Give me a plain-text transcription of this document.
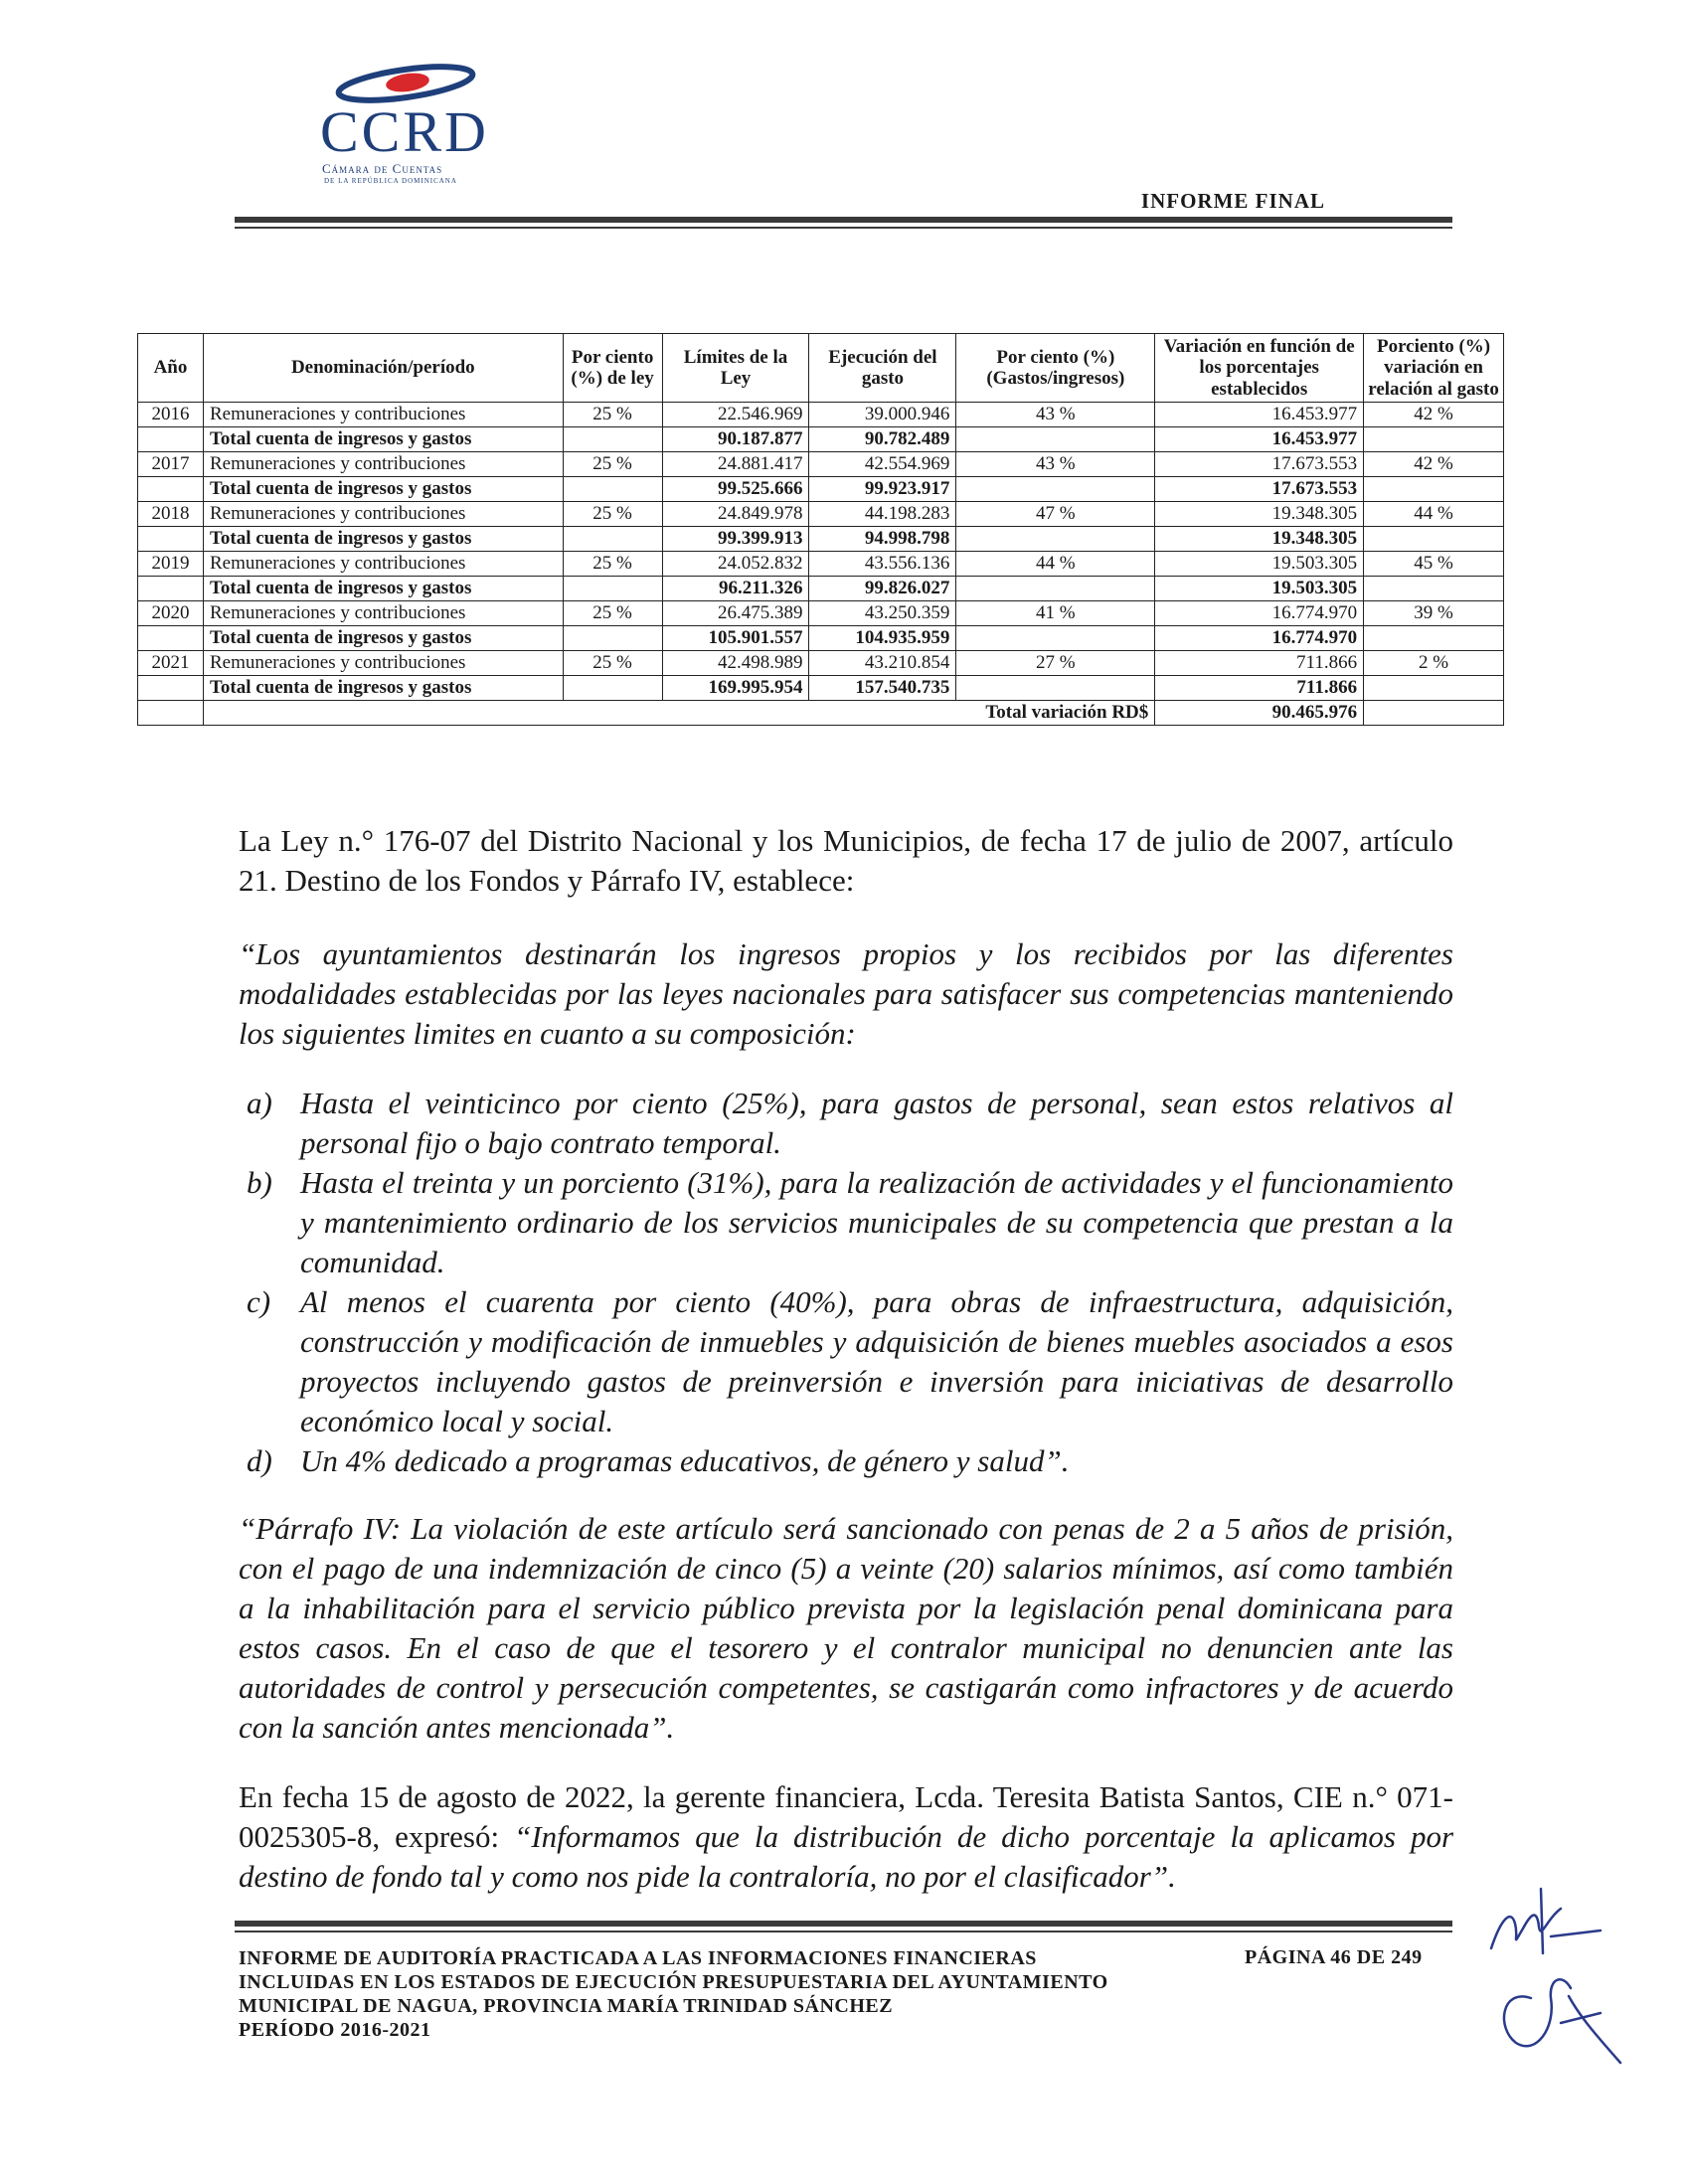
CCRD
Cámara de Cuentas
DE LA REPÚBLICA DOMINICANA
INFORME FINAL
Año	Denominación/período	Por ciento (%) de ley	Límites de la Ley	Ejecución del gasto	Por ciento (%) (Gastos/ingresos)	Variación en función de los porcentajes establecidos	Porciento (%) variación en relación al gasto
2016	Remuneraciones y contribuciones	25 %	22.546.969	39.000.946	43 %	16.453.977	42 %
	Total cuenta de ingresos y gastos		90.187.877	90.782.489		16.453.977	
2017	Remuneraciones y contribuciones	25 %	24.881.417	42.554.969	43 %	17.673.553	42 %
	Total cuenta de ingresos y gastos		99.525.666	99.923.917		17.673.553	
2018	Remuneraciones y contribuciones	25 %	24.849.978	44.198.283	47 %	19.348.305	44 %
	Total cuenta de ingresos y gastos		99.399.913	94.998.798		19.348.305	
2019	Remuneraciones y contribuciones	25 %	24.052.832	43.556.136	44 %	19.503.305	45 %
	Total cuenta de ingresos y gastos		96.211.326	99.826.027		19.503.305	
2020	Remuneraciones y contribuciones	25 %	26.475.389	43.250.359	41 %	16.774.970	39 %
	Total cuenta de ingresos y gastos		105.901.557	104.935.959		16.774.970	
2021	Remuneraciones y contribuciones	25 %	42.498.989	43.210.854	27 %	711.866	2 %
	Total cuenta de ingresos y gastos		169.995.954	157.540.735		711.866	
	Total variación RD$					90.465.976	
La Ley n.° 176-07 del Distrito Nacional y los Municipios, de fecha 17 de julio de 2007, artículo 21. Destino de los Fondos y Párrafo IV, establece:
“Los ayuntamientos destinarán los ingresos propios y los recibidos por las diferentes modalidades establecidas por las leyes nacionales para satisfacer sus competencias manteniendo los siguientes limites en cuanto a su composición:
a) Hasta el veinticinco por ciento (25%), para gastos de personal, sean estos relativos al personal fijo o bajo contrato temporal.
b) Hasta el treinta y un porciento (31%), para la realización de actividades y el funcionamiento y mantenimiento ordinario de los servicios municipales de su competencia que prestan a la comunidad.
c) Al menos el cuarenta por ciento (40%), para obras de infraestructura, adquisición, construcción y modificación de inmuebles y adquisición de bienes muebles asociados a esos proyectos incluyendo gastos de preinversión e inversión para iniciativas de desarrollo económico local y social.
d) Un 4% dedicado a programas educativos, de género y salud”.
“Párrafo IV: La violación de este artículo será sancionado con penas de 2 a 5 años de prisión, con el pago de una indemnización de cinco (5) a veinte (20) salarios mínimos, así como también a la inhabilitación para el servicio público prevista por la legislación penal dominicana para estos casos. En el caso de que el tesorero y el contralor municipal no denuncien ante las autoridades de control y persecución competentes, se castigarán como infractores y de acuerdo con la sanción antes mencionada”.
En fecha 15 de agosto de 2022, la gerente financiera, Lcda. Teresita Batista Santos, CIE n.° 071-0025305-8, expresó: “Informamos que la distribución de dicho porcentaje la aplicamos por destino de fondo tal y como nos pide la contraloría, no por el clasificador”.
INFORME DE AUDITORÍA PRACTICADA A LAS INFORMACIONES FINANCIERAS
INCLUIDAS EN LOS ESTADOS DE EJECUCIÓN PRESUPUESTARIA DEL AYUNTAMIENTO
MUNICIPAL DE NAGUA, PROVINCIA MARÍA TRINIDAD SÁNCHEZ
PERÍODO 2016-2021
PÁGINA 46 DE 249
